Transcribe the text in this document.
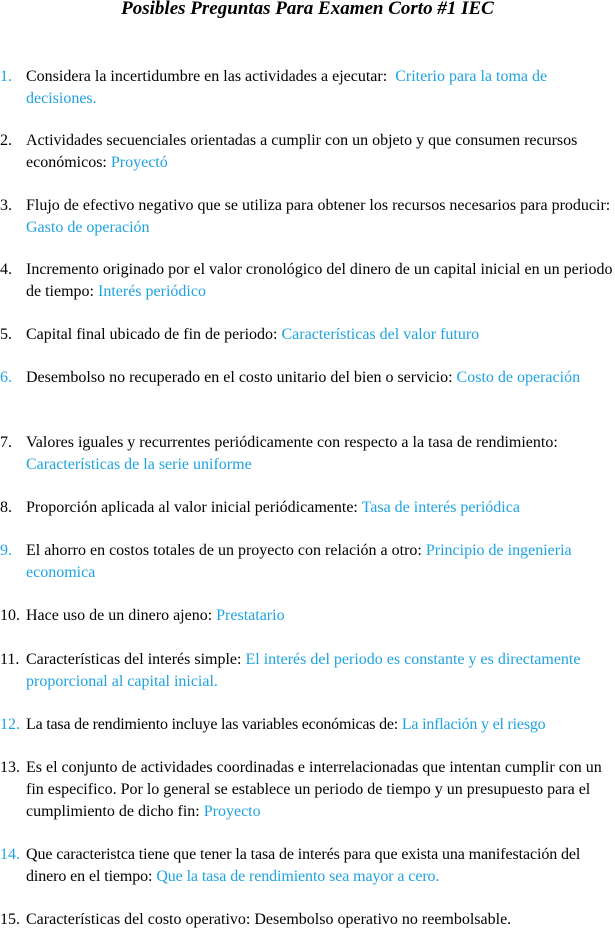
Posibles Preguntas Para Examen Corto #1 IEC
1. Considera la incertidumbre en las actividades a ejecutar:  Criterio para la toma de decisiones.
2. Actividades secuenciales orientadas a cumplir con un objeto y que consumen recursos económicos: Proyectó
3. Flujo de efectivo negativo que se utiliza para obtener los recursos necesarios para producir: Gasto de operación
4. Incremento originado por el valor cronológico del dinero de un capital inicial en un periodo de tiempo: Interés periódico
5. Capital final ubicado de fin de periodo: Características del valor futuro
6. Desembolso no recuperado en el costo unitario del bien o servicio: Costo de operación
7. Valores iguales y recurrentes periódicamente con respecto a la tasa de rendimiento: Características de la serie uniforme
8. Proporción aplicada al valor inicial periódicamente: Tasa de interés periódica
9. El ahorro en costos totales de un proyecto con relación a otro: Principio de ingenieria economica
10. Hace uso de un dinero ajeno: Prestatario
11. Características del interés simple: El interés del periodo es constante y es directamente proporcional al capital inicial.
12. La tasa de rendimiento incluye las variables económicas de: La inflación y el riesgo
13. Es el conjunto de actividades coordinadas e interrelacionadas que intentan cumplir con un fin especifico. Por lo general se establece un periodo de tiempo y un presupuesto para el cumplimiento de dicho fin: Proyecto
14. Que caracteristca tiene que tener la tasa de interés para que exista una manifestación del dinero en el tiempo: Que la tasa de rendimiento sea mayor a cero.
15. Características del costo operativo: Desembolso operativo no reembolsable.
